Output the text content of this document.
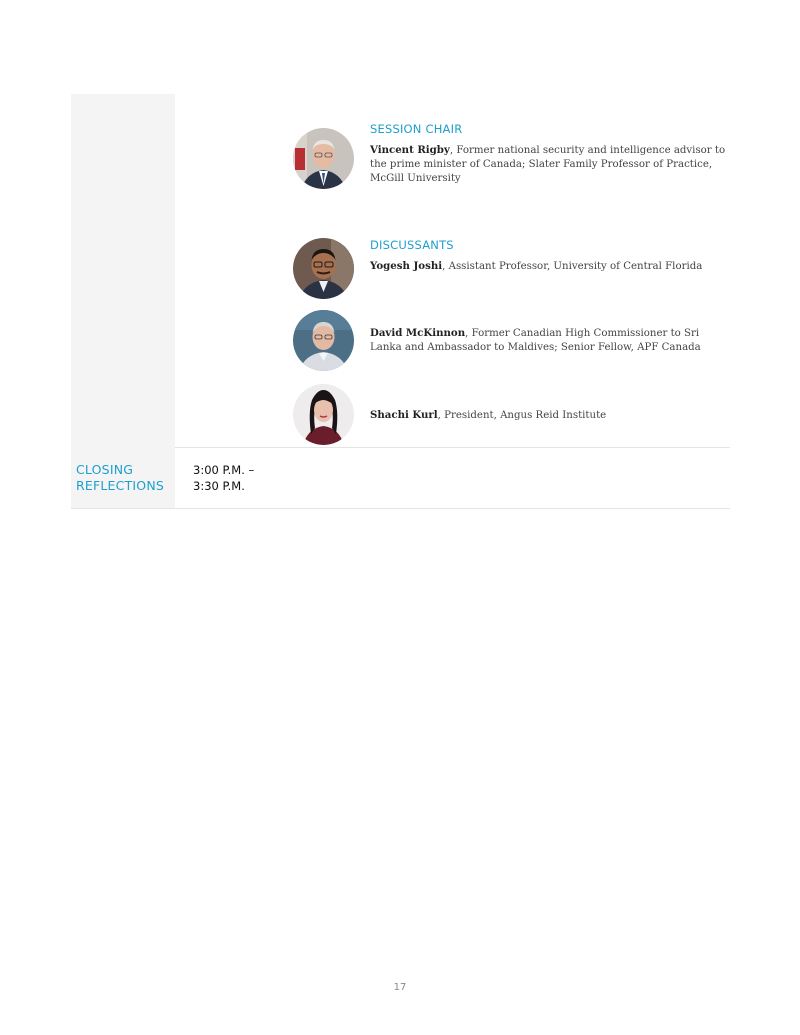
SESSION CHAIR
Vincent Rigby, Former national security and intelligence advisor to the prime minister of Canada; Slater Family Professor of Practice, McGill University
DISCUSSANTS
Yogesh Joshi, Assistant Professor, University of Central Florida
David McKinnon, Former Canadian High Commissioner to Sri Lanka and Ambassador to Maldives; Senior Fellow, APF Canada
Shachi Kurl, President, Angus Reid Institute
CLOSING
REFLECTIONS
3:00 P.M. –
3:30 P.M.
17
